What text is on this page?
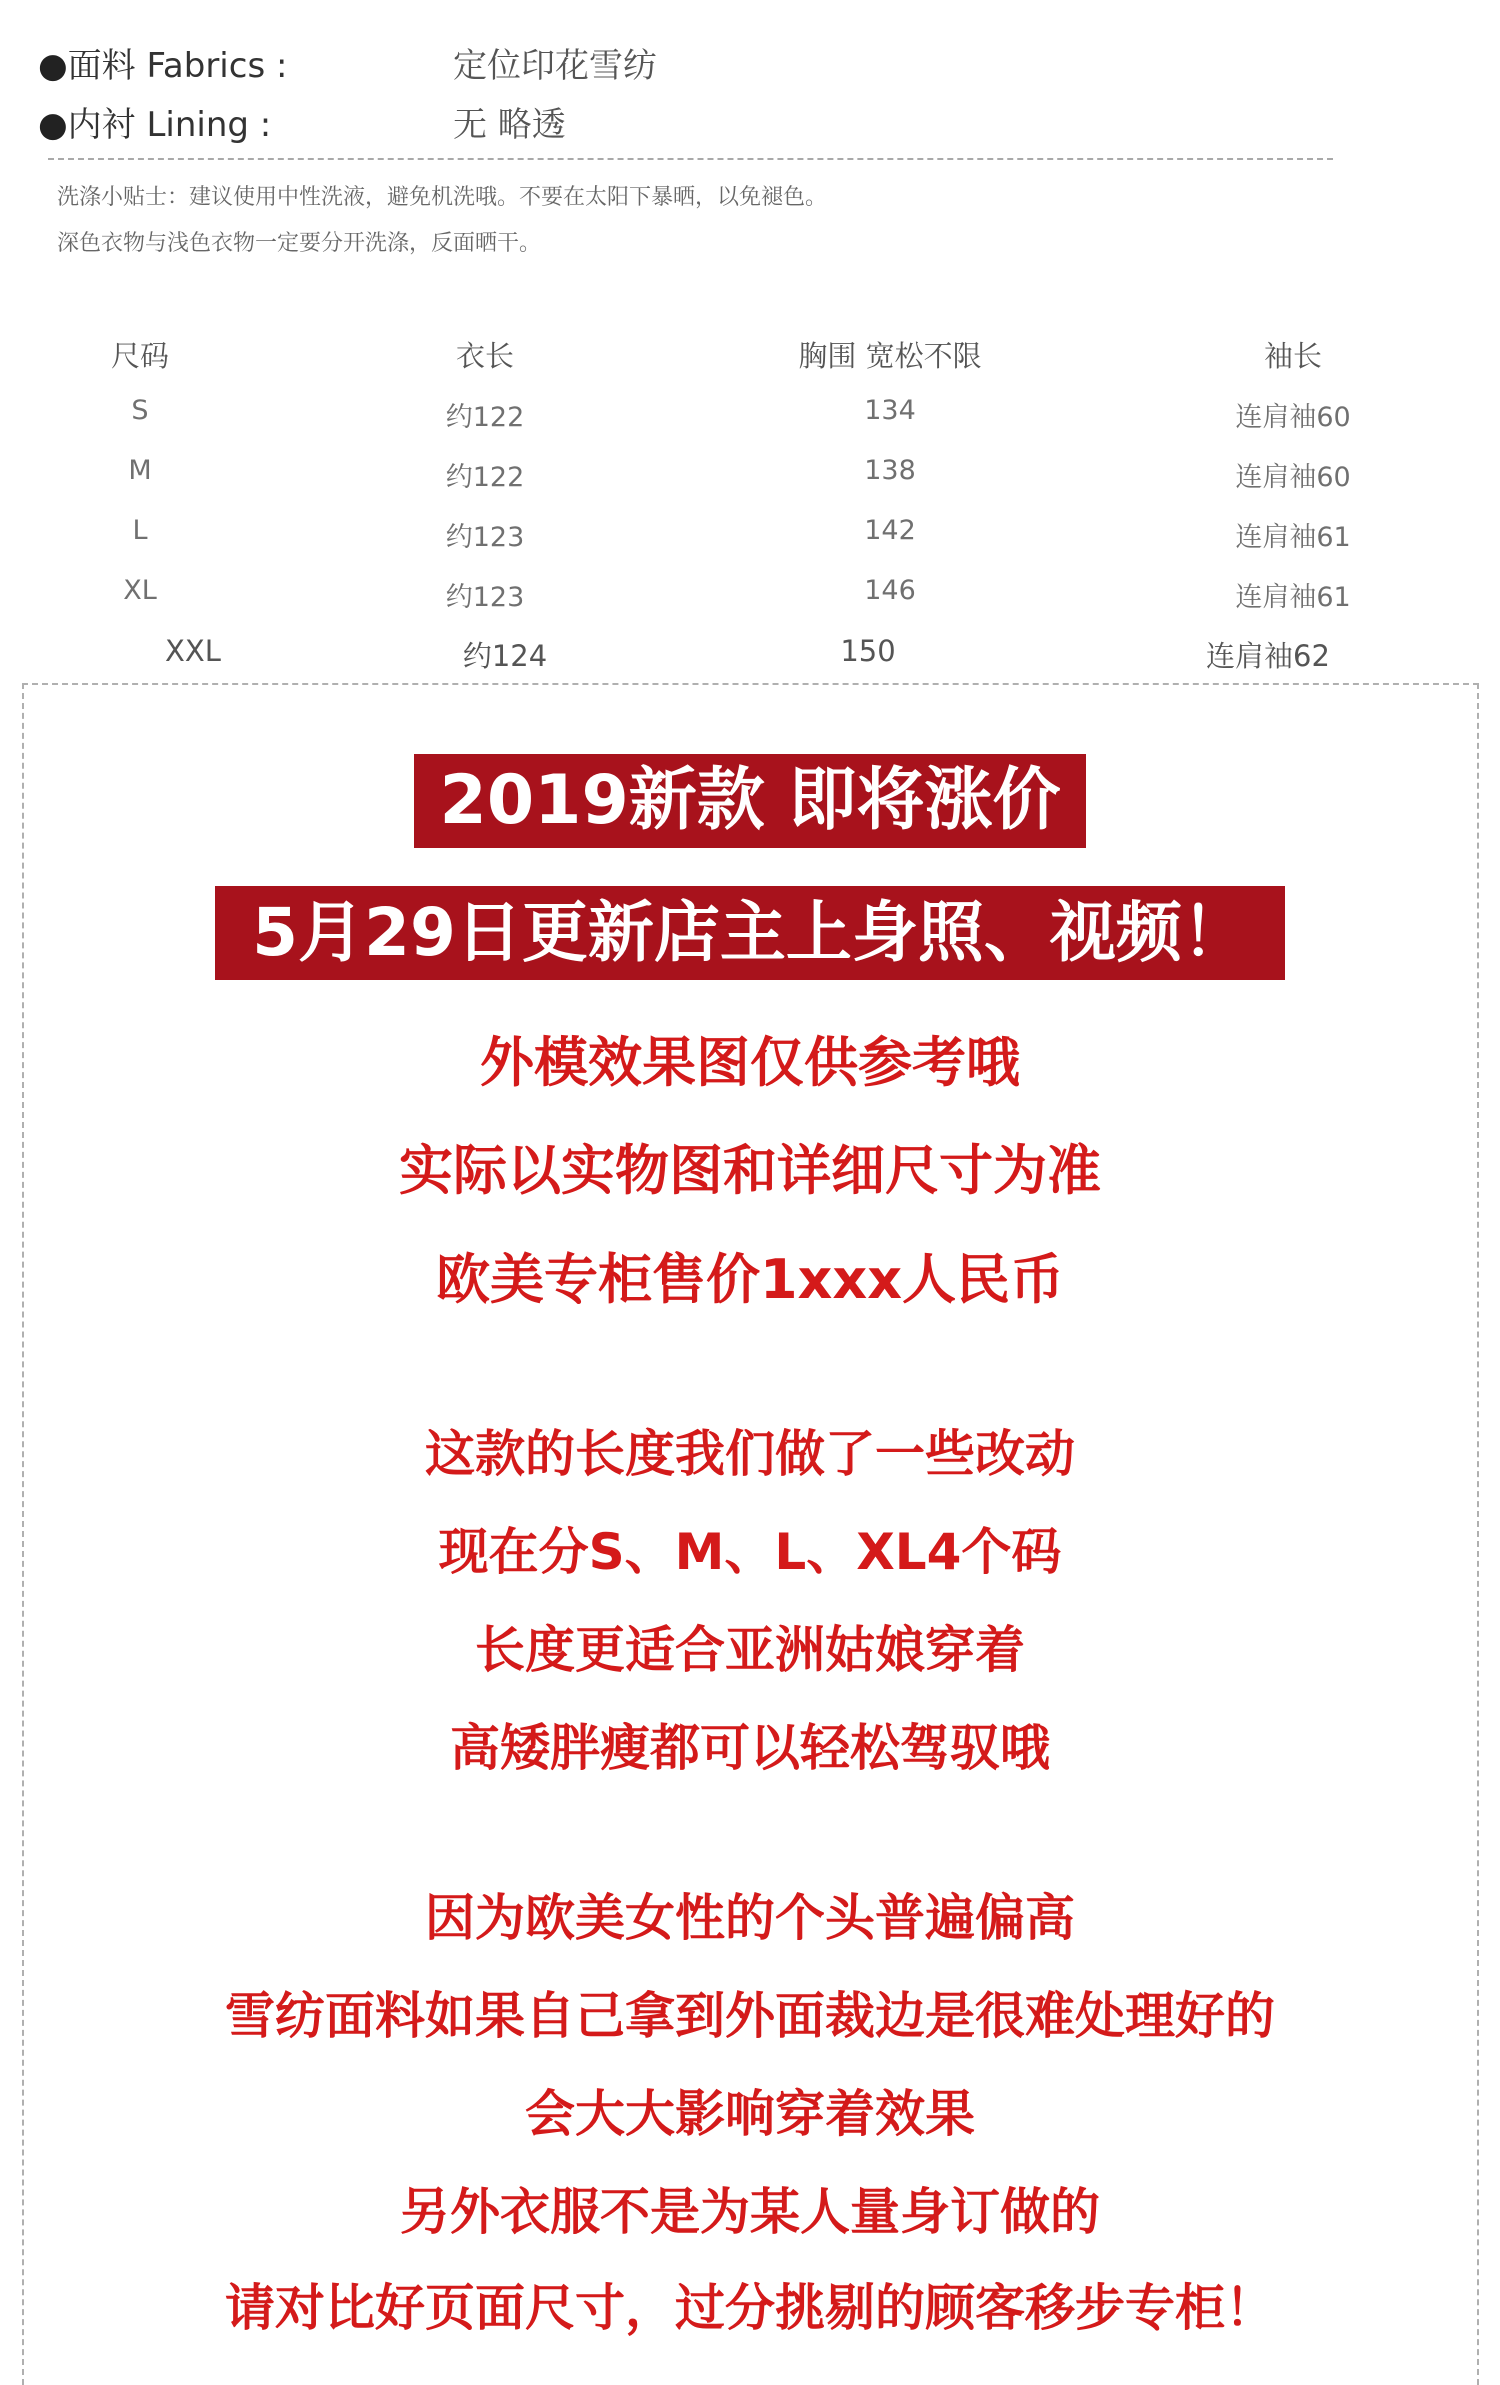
●面料 Fabrics :	定位印花雪纺
●内衬 Lining :	无 略透
洗涤小贴士：建议使用中性洗液，避免机洗哦。不要在太阳下暴晒，以免褪色。
深色衣物与浅色衣物一定要分开洗涤，反面晒干。
尺码	衣长	胸围 宽松不限	袖长
S	约122	134	连肩袖60
M	约122	138	连肩袖60
L	约123	142	连肩袖61
XL	约123	146	连肩袖61
XXL	约124	150	连肩袖62
2019新款 即将涨价
5月29日更新店主上身照、视频！
外模效果图仅供参考哦
实际以实物图和详细尺寸为准
欧美专柜售价1xxx人民币
这款的长度我们做了一些改动
现在分S、M、L、XL4个码
长度更适合亚洲姑娘穿着
高矮胖瘦都可以轻松驾驭哦
因为欧美女性的个头普遍偏高
雪纺面料如果自己拿到外面裁边是很难处理好的
会大大影响穿着效果
另外衣服不是为某人量身订做的
请对比好页面尺寸，过分挑剔的顾客移步专柜！
